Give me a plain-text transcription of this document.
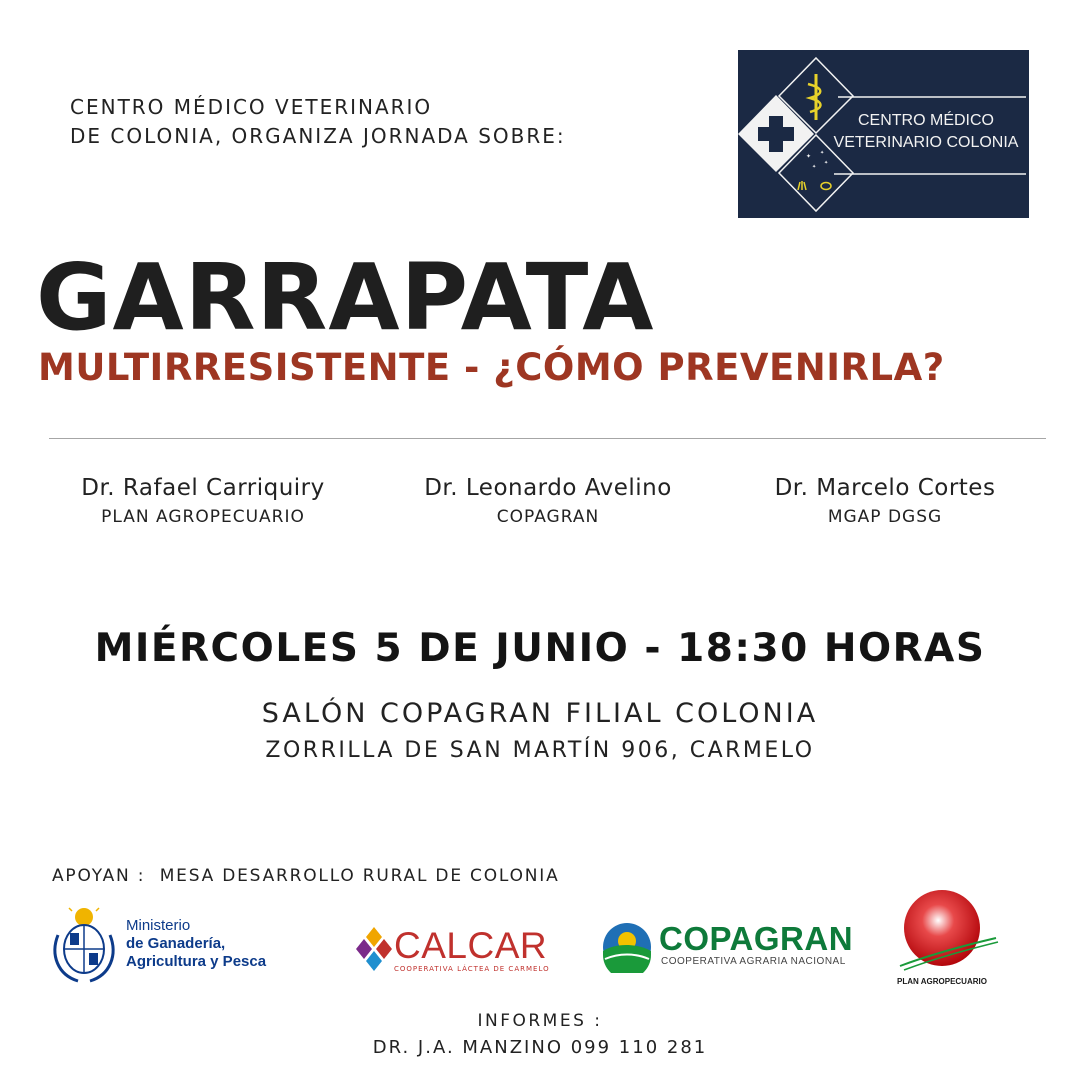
CENTRO MÉDICO VETERINARIO
DE COLONIA, ORGANIZA JORNADA SOBRE:
✦ ✦
✦
✦
CENTRO MÉDICO
VETERINARIO COLONIA
GARRAPATA
MULTIRRESISTENTE - ¿CÓMO PREVENIRLA?
Dr. Rafael Carriquiry
PLAN AGROPECUARIO
Dr. Leonardo Avelino
COPAGRAN
Dr. Marcelo Cortes
MGAP DGSG
MIÉRCOLES 5 DE JUNIO - 18:30 HORAS
SALÓN COPAGRAN FILIAL COLONIA
ZORRILLA DE SAN MARTÍN 906, CARMELO
APOYAN : MESA DESARROLLO RURAL DE COLONIA
Ministerio
de Ganadería,
Agricultura y Pesca	CALCAR
COOPERATIVA LÁCTEA DE CARMELO
COPAGRAN
COOPERATIVA AGRARIA NACIONAL
PLAN AGROPECUARIO
INFORMES :
DR. J.A. MANZINO 099 110 281
